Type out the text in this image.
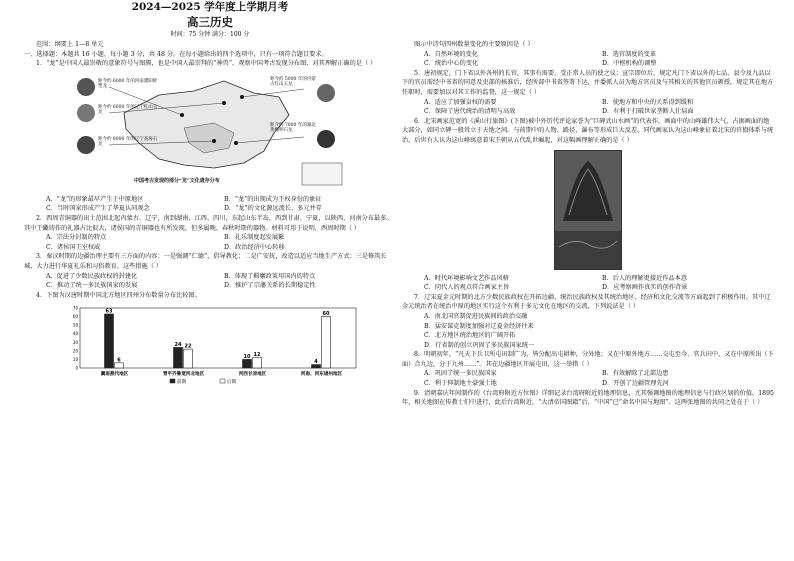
2024—2025 学年度上学期月考

高三历史

时间：75 分钟 满分：100 分

范围：纲要上 1—8 单元

一、选择题：本题共 16 小题，每小题 3 分，共 48 分。在每小题给出的四个选项中，只有一项符合题目要求。

1．“龙”是中国人最崇敬的意象符号与图腾，也是中国人最崇拜的“神兽”，观察中国考古发现分布图，对其理解正确的是（ ）

距今约 6000 年的河南濮阳蚌塑龙
距今约 6000 年的辽宁红山玉龙
距今约 8000 年的辽宁查海石龙
距今约 5000 年的内蒙古红山玉龙
距今约 7000 年的湖北黄梅卵石龙
中国考古发现的部分“龙”文化遗存分布
A．“龙”的形象最早产生于中原地区	B．“龙”的出现成为王权身份的象征
C．当时国家形成产生了华夏认同观念	D．“龙”的文化源远流长、多元并存

2．西周青铜器的出土范围北起内蒙古、辽宁，南到湖南、江西、四川，东起山东半岛，西到甘肃、宁夏，以陕西、河南分布最多。其中王畿铸作的礼器占比很大，诸侯国的青铜器也有所发现，但多属晚、春秋时期的器物。材料可用于说明，西周时期（ ）

A．宗法分封制的特点	B．礼乐制度起发展繁
C．诸侯国王室权威	D．政治经济中心转移

3．秦汉时期的边疆治理主要有三方面的内容：一是强调“仁德”，倡导教化；二是广安抚，改造以适应当地生产方式；三是修筑长城、大力进行华夏礼乐和习俗教育。这些措施（ ）

A．促进了少数民族政权的封建化	B．体现了羁縻政策用国内的特点
C．推动了统一多民族国家的发展	D．推护了宗藩关系的长期稳定性

4．下图为汉唐时期中国北方地区四州分布数量分布比较图。

0
10
20
30
40
50
60
70
63
6
冀南燕代地区
24 22
青平齐鲁宽河北地区
10 12
河西甘凉地区
4
60
河南、河东诸州地区
前期	后期

图示中诗句四州数量变化的主要原因是（ ）

A．自然环境的变化	B．选官制度的变革
C．统治中心的变化	D．中枢机构的调整

5．唐初规定，门下省以外各州的长官，其事有需要，受正常人员的使之议；宣宗即位后，规定凡门下省以外的七品、县令及九品以下的官员需经中书省的同意及吏部的核准后，经所部中书省签署下达，并委派人员为地方官员及与其相关的其他官员颁授，规定其在地方任职时，需要加以对其工作的监督，这一规定（ ）

A．适应了加强皇权的需要	B．使地方和中央的关系得到缓和
C．保障了唐代统治的清明与高效	D．有利于打破世家垄断人仕局面

6．北宋画家范宽的《溪山行旅图》(下图)被中外历代评论家誉为“巨碑式山水画”的代表作，画面中的山峰雄伟大气，占据画面的绝大部分，如同立碑一般耸立于天地之间。与前期中的人物、路径、瀑布等形成巨大反差。同代画家认为这山峰象征着北宋的官僚体系与统治，后世有人认为这山峰寓意着宋王朝从五代乱世崛起，对这幅画理解正确的是（ ）

A．时代环境影响文艺作品风格	B．后人的理解更接近作品本意
C．同代人的观点符合画家主旨	D．应考察画作真实的创作背景

7．辽宋夏金元时期的北方少数民族政权在开拓边疆、统治民族政权及其统治地区、经济和文化交流等方面起到了积极作用，其中辽金元统治者在统治中原的地区实行这个有利于多元文化在地区的交流，下列说法是（ ）

A．南北国官制促进民族间的政治交融

B．猛安谋克制度加强对辽夏金经济往来

C．北方地区统治地区的广阔开拓

D．行省制的创立巩固了多民族国家统一

8．明朝初年，“凡天下兵卫所屯田制广为，皆分配出屯耕种，分外地；又在中原外地方……交屯至今，官兵田中，又在中原所出（下面）合九边，分于九州……”。其在边疆地区开展屯田，这一举措（ ）

A．巩固了统一多民族国家	B．有效解除了北部边患
C．利于抑制地主豪强土地	D．开创了边疆管理先河

9．清朝嘉庆年间制作的《台湾府附近方位图》详细记录台湾府附近的地理信息，尤其强调地图的地理信息与行政区划的价值。1895 年，相关地图在传教士们中进行，此后台湾附近，“大清帝国图籍”后，“中国”已“命名中国与地图”。这两张地图的共同之处在于（ ）
